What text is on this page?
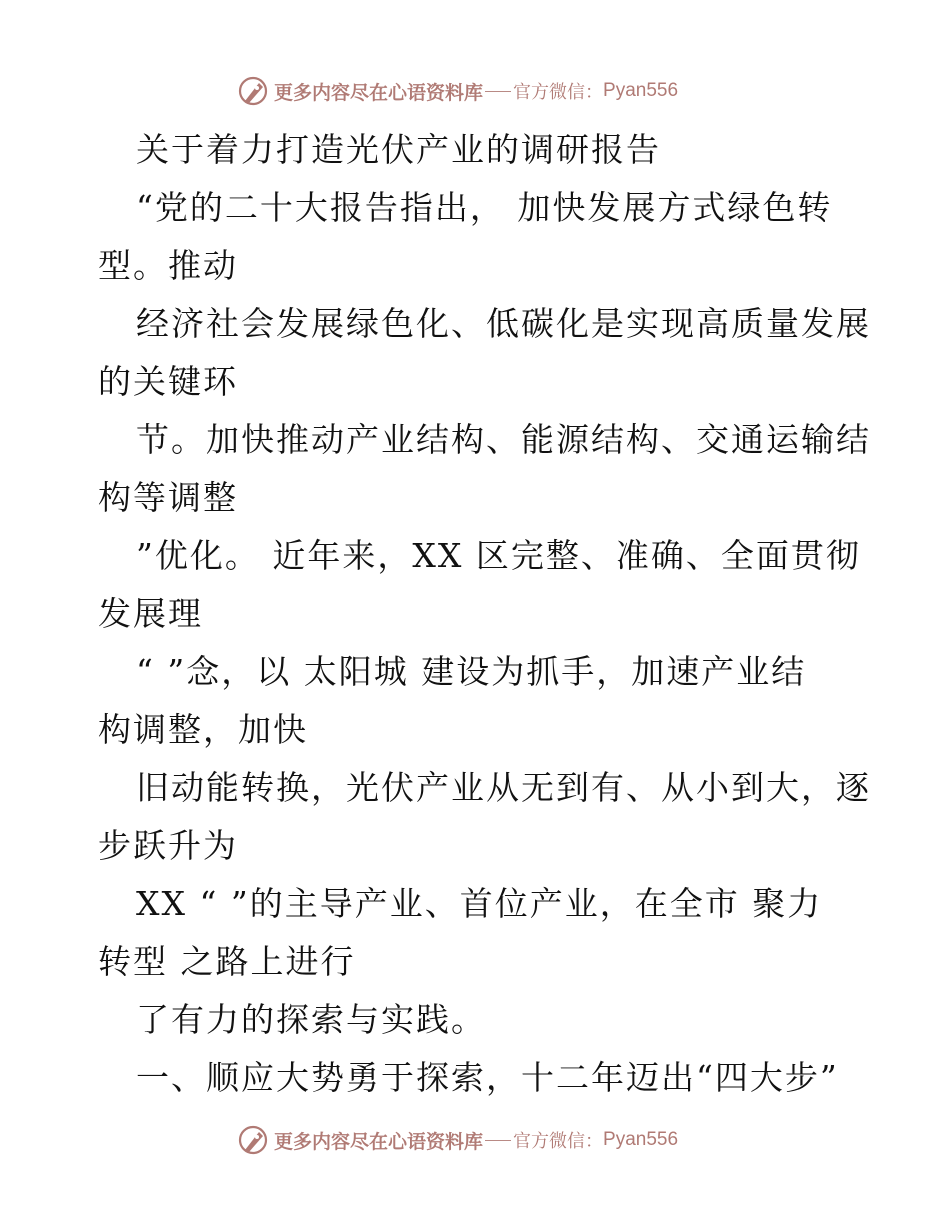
更多内容尽在心语资料库 官方微信： Pyan556
关于着力打造光伏产业的调研报告
“党的二十大报告指出， 加快发展方式绿色转
型。推动
经济社会发展绿色化、低碳化是实现高质量发展
的关键环
节。加快推动产业结构、能源结构、交通运输结
构等调整
”优化。 近年来，XX 区完整、准确、全面贯彻
发展理
“ ”念，以 太阳城 建设为抓手，加速产业结
构调整，加快
旧动能转换，光伏产业从无到有、从小到大，逐
步跃升为
XX “ ”的主导产业、首位产业，在全市 聚力
转型 之路上进行
了有力的探索与实践。
一、顺应大势勇于探索，十二年迈出“四大步”
更多内容尽在心语资料库 官方微信： Pyan556
